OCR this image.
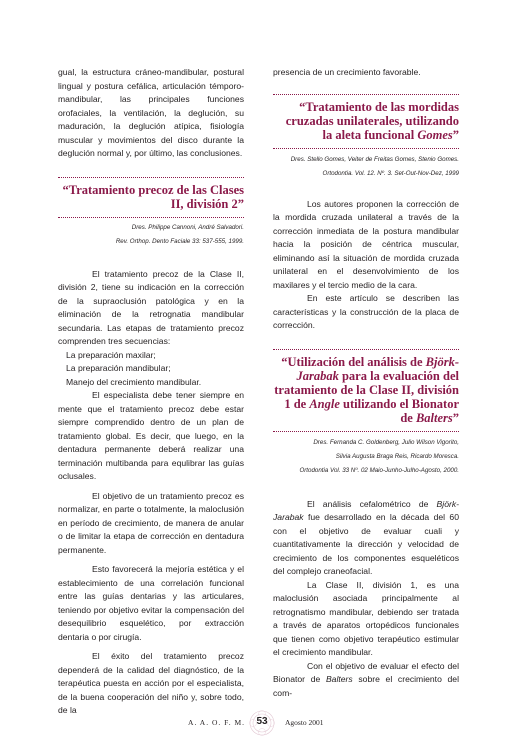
gual, la estructura cráneo-mandibular, postural lingual y postura cefálica, articulación témporo-mandibular, las principales funciones orofaciales, la ventilación, la deglución, su maduración, la deglución atípica, fisiología muscular y movimientos del disco durante la deglución normal y, por último, las conclusiones.

“Tratamiento precoz de las Clases II, división 2”

Dres. Philippe Cannoni, André Salvadori.

Rev. Orthop. Dento Faciale 33: 537-555, 1999.

El tratamiento precoz de la Clase II, división 2, tiene su indicación en la corrección de la supraoclusión patológica y en la eliminación de la retrognatia mandibular secundaria. Las etapas de tratamiento precoz comprenden tres secuencias:

La preparación maxilar;

La preparación mandibular;

Manejo del crecimiento mandibular.

El especialista debe tener siempre en mente que el tratamiento precoz debe estar siempre comprendido dentro de un plan de tratamiento global. Es decir, que luego, en la dentadura permanente deberá realizar una terminación multibanda para equlibrar las guías oclusales.

El objetivo de un tratamiento precoz es normalizar, en parte o totalmente, la maloclusión en período de crecimiento, de manera de anular o de limitar la etapa de corrección en dentadura permanente.

Esto favorecerá la mejoría estética y el establecimiento de una correlación funcional entre las guías dentarias y las articulares, teniendo por objetivo evitar la compensación del desequilibrio esquelético, por extracción dentaria o por cirugía.

El éxito del tratamiento precoz dependerá de la calidad del diagnóstico, de la terapéutica puesta en acción por el especialista, de la buena cooperación del niño y, sobre todo, de la

presencia de un crecimiento favorable.

“Tratamiento de las mordidas cruzadas unilaterales, utilizando la aleta funcional Gomes”

Dres. Stello Gomes, Veiter de Freitas Gomes, Stenio Gomes.

Ortodontia. Vol. 12. Nº. 3. Set-Out-Nov-Dez, 1999

Los autores proponen la corrección de la mordida cruzada unilateral a través de la corrección inmediata de la postura mandibular hacia la posición de céntrica muscular, eliminando así la situación de mordida cruzada unilateral en el desenvolvimiento de los maxilares y el tercio medio de la cara.

En este artículo se describen las características y la construcción de la placa de corrección.

“Utilización del análisis de Björk-Jarabak para la evaluación del tratamiento de la Clase II, división 1 de Angle utilizando el Bionator de Balters”

Dres. Fernanda C. Goldenberg, Julio Wilson Vigorito,

Silvia Augusta Braga Reis, Ricardo Moresca.

Ortodontia Vol. 33 Nº. 02 Maio-Junho-Julho-Agosto, 2000.

El análisis cefalométrico de Björk-Jarabak fue desarrollado en la década del 60 con el objetivo de evaluar cuali y cuantitativamente la dirección y velocidad de crecimiento de los componentes esqueléticos del complejo craneofacial.

La Clase II, división 1, es una maloclusión asociada principalmente al retrognatismo mandibular, debiendo ser tratada a través de aparatos ortopédicos funcionales que tienen como objetivo terapéutico estimular el crecimiento mandibular.

Con el objetivo de evaluar el efecto del Bionator de Balters sobre el crecimiento del com-

A. A. O. F. M.	53	Agosto 2001
